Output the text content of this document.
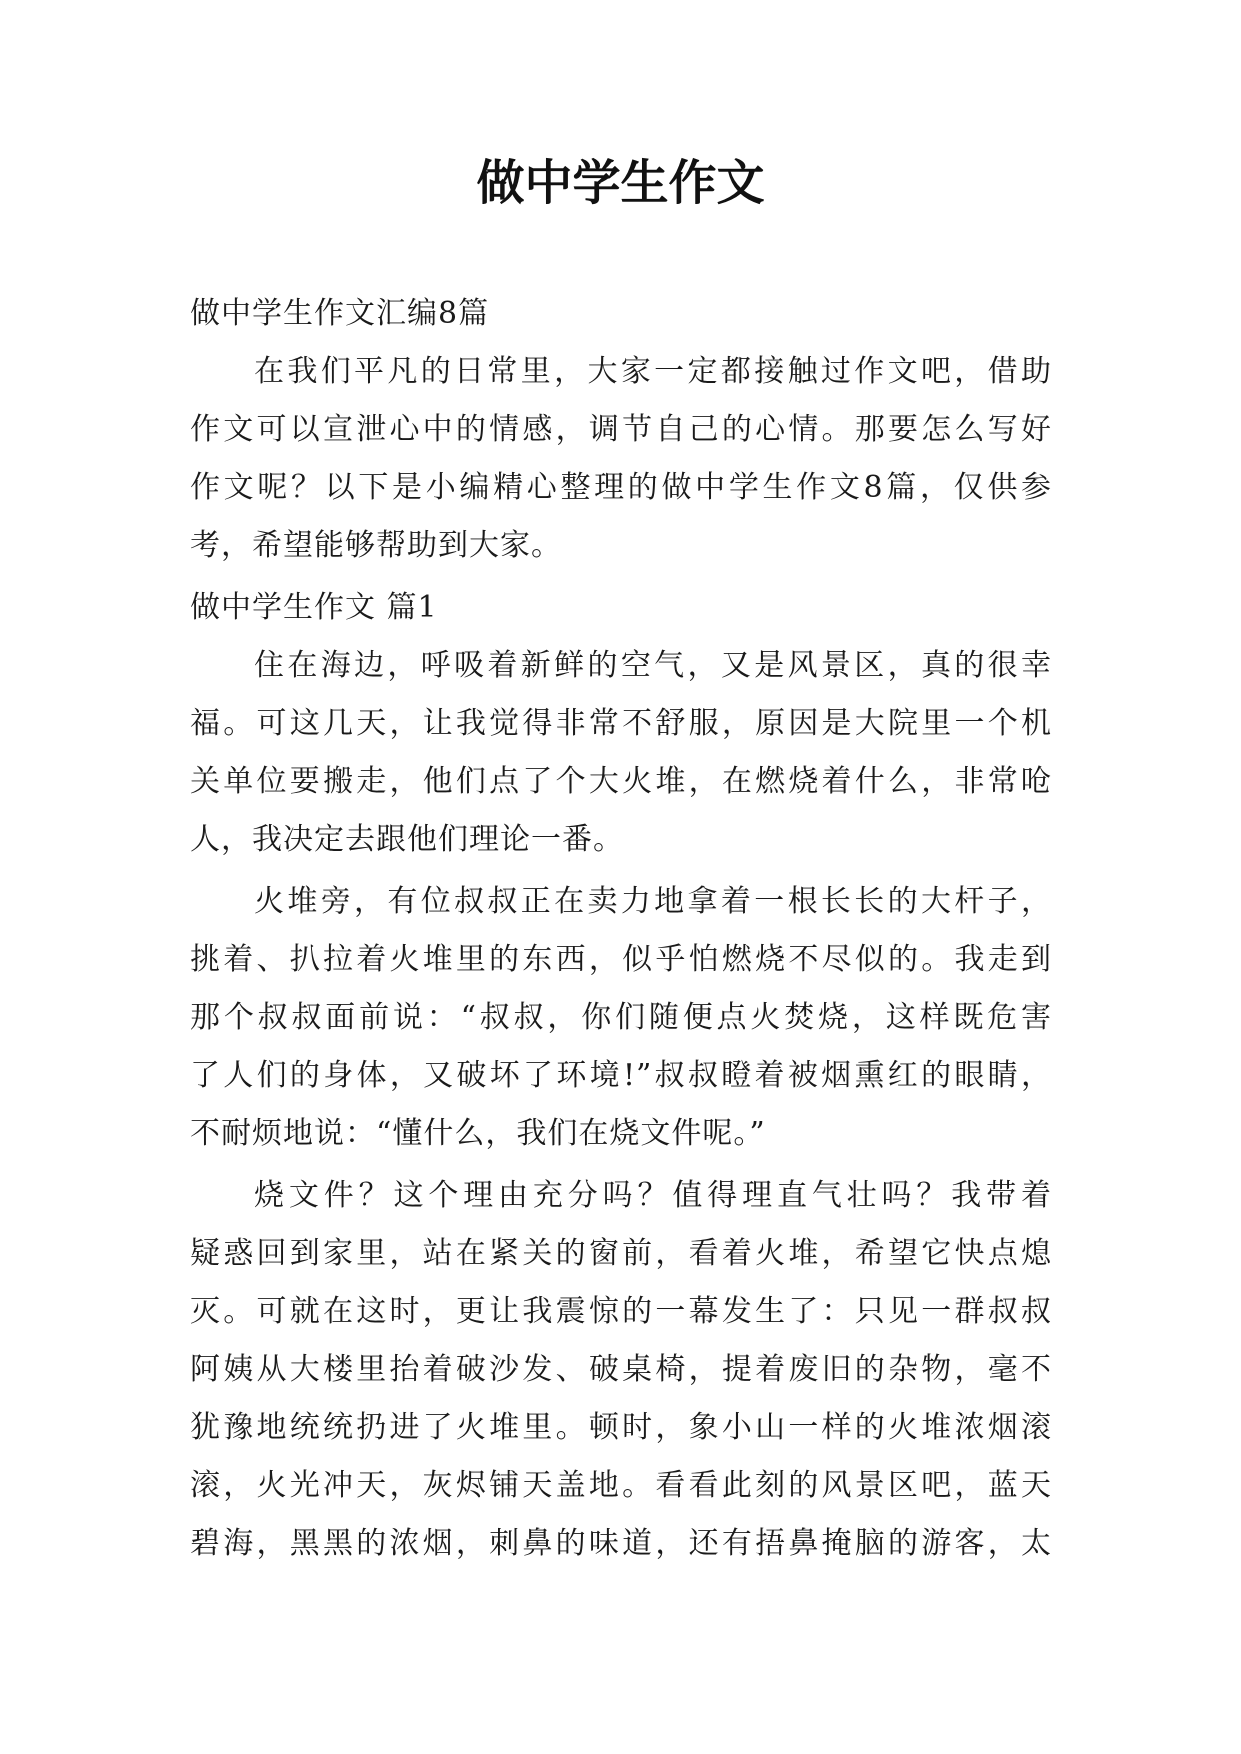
做中学生作文
做中学生作文汇编8篇
在我们平凡的日常里，大家一定都接触过作文吧，借助
作文可以宣泄心中的情感，调节自己的心情。那要怎么写好
作文呢？以下是小编精心整理的做中学生作文8篇，仅供参
考，希望能够帮助到大家。
做中学生作文 篇1
住在海边，呼吸着新鲜的空气，又是风景区，真的很幸
福。可这几天，让我觉得非常不舒服，原因是大院里一个机
关单位要搬走，他们点了个大火堆，在燃烧着什么，非常呛
人，我决定去跟他们理论一番。
火堆旁，有位叔叔正在卖力地拿着一根长长的大杆子，
挑着、扒拉着火堆里的东西，似乎怕燃烧不尽似的。我走到
那个叔叔面前说：“叔叔，你们随便点火焚烧，这样既危害
了人们的身体，又破坏了环境!”叔叔瞪着被烟熏红的眼睛，
不耐烦地说：“懂什么，我们在烧文件呢。”
烧文件？这个理由充分吗？值得理直气壮吗？我带着
疑惑回到家里，站在紧关的窗前，看着火堆，希望它快点熄
灭。可就在这时，更让我震惊的一幕发生了：只见一群叔叔
阿姨从大楼里抬着破沙发、破桌椅，提着废旧的杂物，毫不
犹豫地统统扔进了火堆里。顿时，象小山一样的火堆浓烟滚
滚，火光冲天，灰烬铺天盖地。看看此刻的风景区吧，蓝天
碧海，黑黑的浓烟，刺鼻的味道，还有捂鼻掩脑的游客，太
